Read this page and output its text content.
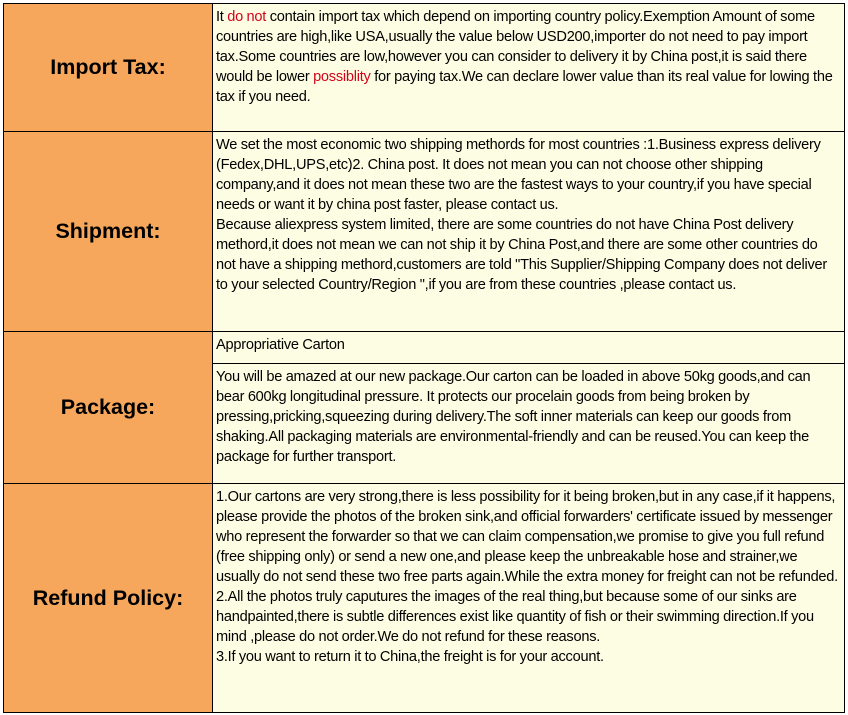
Import Tax:	It do not contain import tax which depend on importing country policy.Exemption Amount of some countries are high,like USA,usually the value below USD200,importer do not need to pay import tax.Some countries are low,however you can consider to delivery it by China post,it is said there would be lower possiblity for paying tax.We can declare lower value than its real value for lowing the tax if you need.
Shipment:	We set the most economic two shipping methords for most countries :1.Business express delivery (Fedex,DHL,UPS,etc)2. China post. It does not mean you can not choose other shipping company,and it does not mean these two are the fastest ways to your country,if you have special needs or want it by china post faster, please contact us.
Because aliexpress system limited, there are some countries do not have China Post delivery methord,it does not mean we can not ship it by China Post,and there are some other countries do not have a shipping methord,customers are told "This Supplier/Shipping Company does not deliver to your selected Country/Region ",if you are from these countries ,please contact us.

Package:	Appropriative Carton
	You will be amazed at our new package.Our carton can be loaded in above 50kg goods,and can bear 600kg longitudinal pressure. It protects our procelain goods from being broken by pressing,pricking,squeezing during delivery.The soft inner materials can keep our goods from shaking.All packaging materials are environmental-friendly and can be reused.You can keep the package for further transport.
Refund Policy:	1.Our cartons are very strong,there is less possibility for it being broken,but in any case,if it happens, please provide the photos of the broken sink,and official forwarders' certificate issued by messenger who represent the forwarder so that we can claim compensation,we promise to give you full refund (free shipping only) or send a new one,and please keep the unbreakable hose and strainer,we usually do not send these two free parts again.While the extra money for freight can not be refunded.
2.All the photos truly caputures the images of the real thing,but because some of our sinks are handpainted,there is subtle differences exist like quantity of fish or their swimming direction.If you mind ,please do not order.We do not refund for these reasons.
3.If you want to return it to China,the freight is for your account.
